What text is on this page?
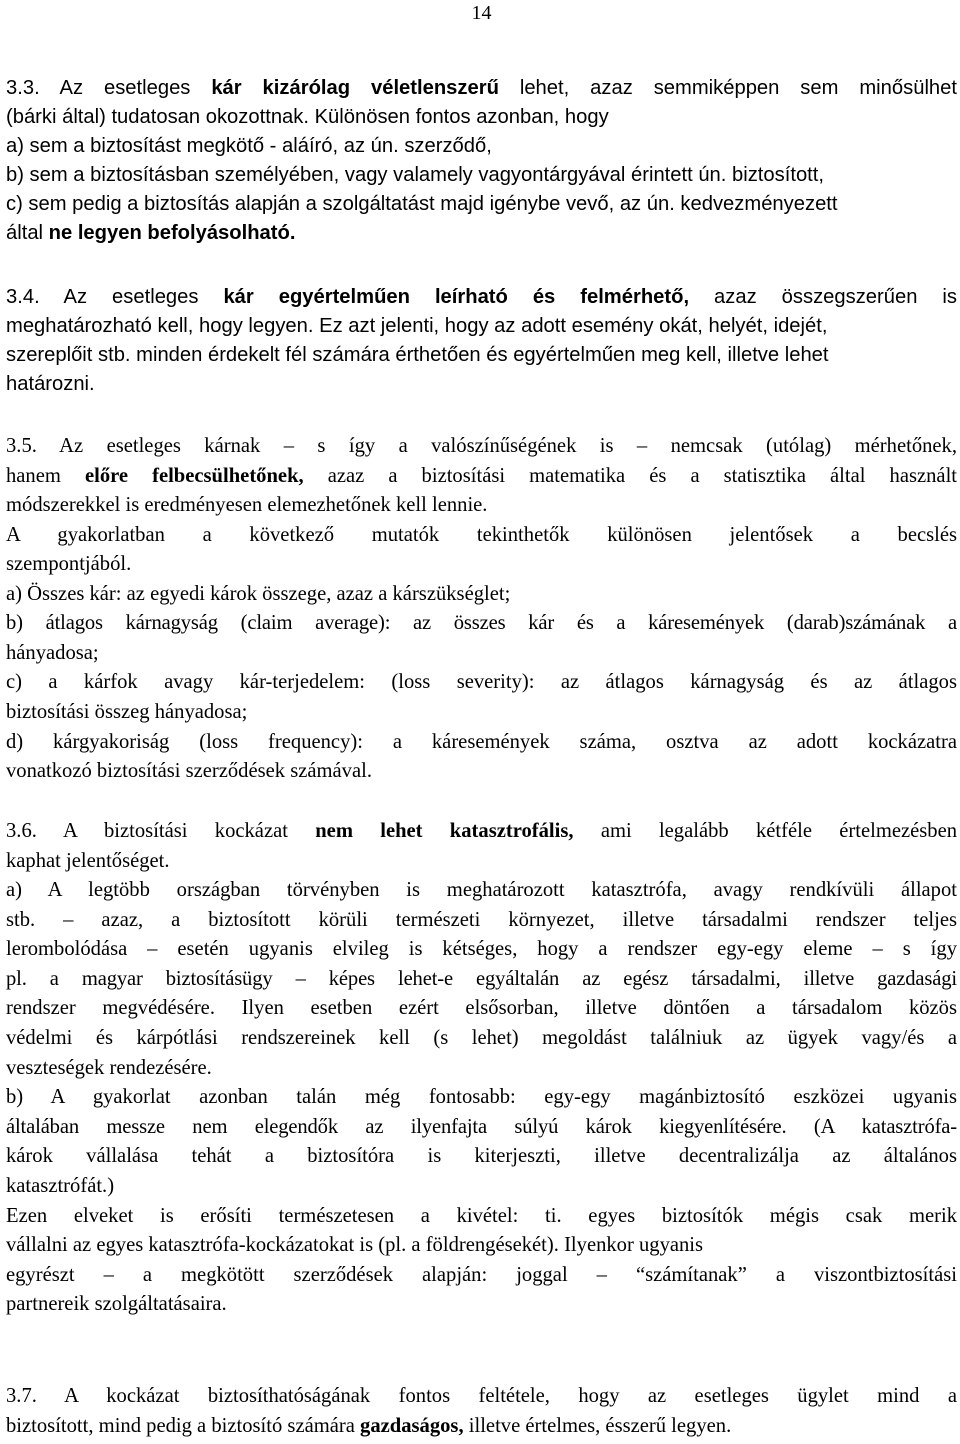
14
3.3. Az esetleges kár kizárólag véletlenszerű lehet, azaz semmiképpen sem minősülhet
(bárki által) tudatosan okozottnak. Különösen fontos azonban, hogy
a) sem a biztosítást megkötő - aláíró, az ún. szerződő,
b) sem a biztosításban személyében, vagy valamely vagyontárgyával érintett ún. biztosított,
c) sem pedig a biztosítás alapján a szolgáltatást majd igénybe vevő, az ún. kedvezményezett
által ne legyen befolyásolható.
3.4. Az esetleges kár egyértelműen leírható és felmérhető, azaz összegszerűen is
meghatározható kell, hogy legyen. Ez azt jelenti, hogy az adott esemény okát, helyét, idejét,
szereplőit stb. minden érdekelt fél számára érthetően és egyértelműen meg kell, illetve lehet
határozni.
3.5. Az esetleges kárnak – s így a valószínűségének is – nemcsak (utólag) mérhetőnek,
hanem előre felbecsülhetőnek, azaz a biztosítási matematika és a statisztika által használt
módszerekkel is eredményesen elemezhetőnek kell lennie.
A gyakorlatban a következő mutatók tekinthetők különösen jelentősek a becslés
szempontjából.
a) Összes kár: az egyedi károk összege, azaz a kárszükséglet;
b) átlagos kárnagyság (claim average): az összes kár és a káresemények (darab)számának a
hányadosa;
c) a kárfok avagy kár-terjedelem: (loss severity): az átlagos kárnagyság és az átlagos
biztosítási összeg hányadosa;
d) kárgyakoriság (loss frequency): a káresemények száma, osztva az adott kockázatra
vonatkozó biztosítási szerződések számával.
3.6. A biztosítási kockázat nem lehet katasztrofális, ami legalább kétféle értelmezésben
kaphat jelentőséget.
a) A legtöbb országban törvényben is meghatározott katasztrófa, avagy rendkívüli állapot
stb. – azaz, a biztosított körüli természeti környezet, illetve társadalmi rendszer teljes
lerombolódása – esetén ugyanis elvileg is kétséges, hogy a rendszer egy-egy eleme – s így
pl. a magyar biztosításügy – képes lehet-e egyáltalán az egész társadalmi, illetve gazdasági
rendszer megvédésére. Ilyen esetben ezért elsősorban, illetve döntően a társadalom közös
védelmi és kárpótlási rendszereinek kell (s lehet) megoldást találniuk az ügyek vagy/és a
veszteségek rendezésére.
b) A gyakorlat azonban talán még fontosabb: egy-egy magánbiztosító eszközei ugyanis
általában messze nem elegendők az ilyenfajta súlyú károk kiegyenlítésére. (A katasztrófa-
károk vállalása tehát a biztosítóra is kiterjeszti, illetve decentralizálja az általános
katasztrófát.)
Ezen elveket is erősíti természetesen a kivétel: ti. egyes biztosítók mégis csak merik
vállalni az egyes katasztrófa-kockázatokat is (pl. a földrengésekét). Ilyenkor ugyanis
egyrészt – a megkötött szerződések alapján: joggal – “számítanak” a viszontbiztosítási
partnereik szolgáltatásaira.
3.7. A kockázat biztosíthatóságának fontos feltétele, hogy az esetleges ügylet mind a
biztosított, mind pedig a biztosító számára gazdaságos, illetve értelmes, ésszerű legyen.
